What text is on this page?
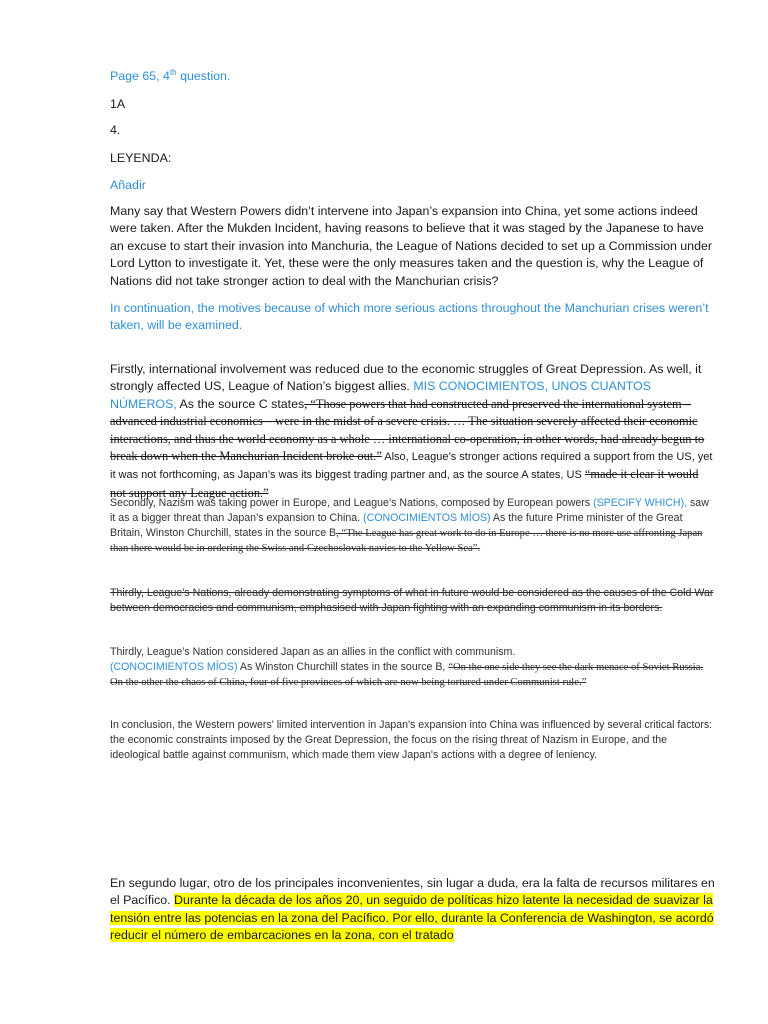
Page 65, 4th question.

1A

4.

LEYENDA:

Añadir

Many say that Western Powers didn’t intervene into Japan’s expansion into China, yet some actions indeed were taken. After the Mukden Incident, having reasons to believe that it was staged by the Japanese to have an excuse to start their invasion into Manchuria, the League of Nations decided to set up a Commission under Lord Lytton to investigate it. Yet, these were the only measures taken and the question is, why the League of Nations did not take stronger action to deal with the Manchurian crisis?

In continuation, the motives because of which more serious actions throughout the Manchurian crises weren’t taken, will be examined.

Firstly, international involvement was reduced due to the economic struggles of Great Depression. As well, it strongly affected US, League of Nation’s biggest allies. MIS CONOCIMIENTOS, UNOS CUANTOS NÚMEROS, As the source C states, “Those powers that had constructed and preserved the international system – advanced industrial economics – were in the midst of a severe crisis. … The situation severely affected their economic interactions, and thus the world economy as a whole … international co-operation, in other words, had already begun to break down when the Manchurian Incident broke out.” Also, League’s stronger actions required a support from the US, yet it was not forthcoming, as Japan’s was its biggest trading partner and, as the source A states, US “made it clear it would not support any League action.”

Secondly, Nazism was taking power in Europe, and League’s Nations, composed by European powers (SPECIFY WHICH), saw it as a bigger threat than Japan’s expansion to China. (CONOCIMIENTOS MÍOS) As the future Prime minister of the Great Britain, Winston Churchill, states in the source B, “The League has great work to do in Europe … there is no more use affronting Japan than there would be in ordering the Swiss and Czechoslovak navies to the Yellow Sea”.

Thirdly, League’s Nations, already demonstrating symptoms of what in future would be considered as the causes of the Cold War between democracies and communism, emphasised with Japan fighting with an expanding communism in its borders.

Thirdly, League’s Nation considered Japan as an allies in the conflict with communism.
(CONOCIMIENTOS MÍOS) As Winston Churchill states in the source B, “On the one side they see the dark menace of Soviet Russia. On the other the chaos of China, four of five provinces of which are now being tortured under Communist rule.”

In conclusion, the Western powers' limited intervention in Japan's expansion into China was influenced by several critical factors: the economic constraints imposed by the Great Depression, the focus on the rising threat of Nazism in Europe, and the ideological battle against communism, which made them view Japan's actions with a degree of leniency.

En segundo lugar, otro de los principales inconvenientes, sin lugar a duda, era la falta de recursos militares en el Pacífico. Durante la década de los años 20, un seguido de políticas hizo latente la necesidad de suavizar la tensión entre las potencias en la zona del Pacífico. Por ello, durante la Conferencia de Washington, se acordó reducir el número de embarcaciones en la zona, con el tratado
